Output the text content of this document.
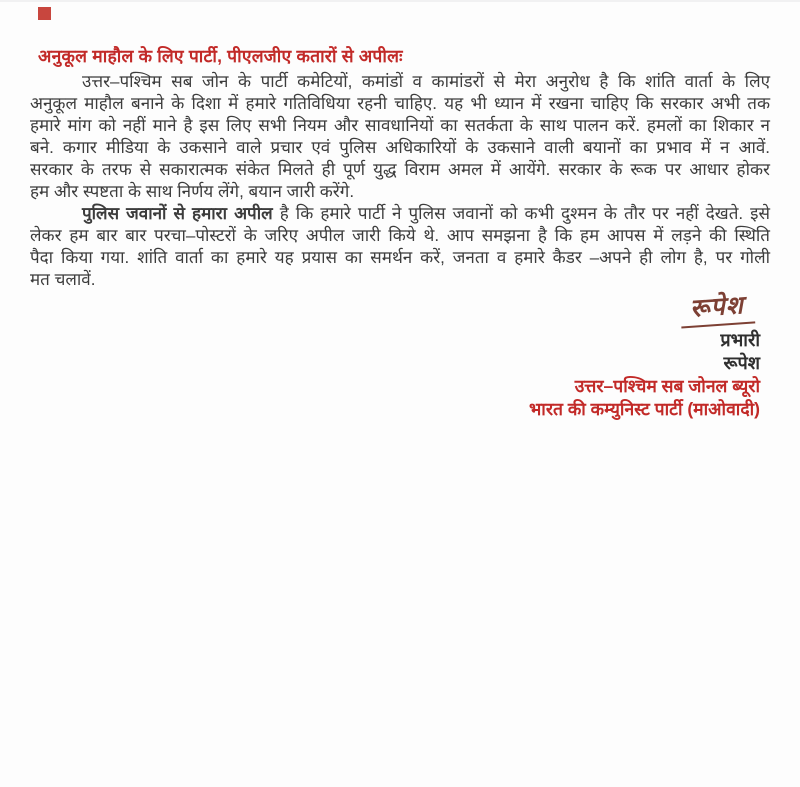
अनुकूल माहौल के लिए पार्टी, पीएलजीए कतारों से अपीलः
उत्तर–पश्चिम सब जोन के पार्टी कमेटियों, कमांडों व कामांडरों से मेरा अनुरोध है कि शांति वार्ता के लिए
अनुकूल माहौल बनाने के दिशा में हमारे गतिविधिया रहनी चाहिए. यह भी ध्यान में रखना चाहिए कि सरकार अभी तक
हमारे मांग को नहीं माने है इस लिए सभी नियम और सावधानियों का सतर्कता के साथ पालन करें. हमलों का शिकार न
बने. कगार मीडिया के उकसाने वाले प्रचार एवं पुलिस अधिकारियों के उकसाने वाली बयानों का प्रभाव में न आवें.
सरकार के तरफ से सकारात्मक संकेत मिलते ही पूर्ण युद्ध विराम अमल में आयेंगे. सरकार के रूक पर आधार होकर
हम और स्पष्टता के साथ निर्णय लेंगे, बयान जारी करेंगे.
पुलिस जवानों से हमारा अपील है कि हमारे पार्टी ने पुलिस जवानों को कभी दुश्मन के तौर पर नहीं देखते. इसे
लेकर हम बार बार परचा–पोस्टरों के जरिए अपील जारी किये थे. आप समझना है कि हम आपस में लड़ने की स्थिति
पैदा किया गया. शांति वार्ता का हमारे यह प्रयास का समर्थन करें, जनता व हमारे कैडर –अपने ही लोग है, पर गोली
मत चलावें.
रूपेश
प्रभारी
रूपेश
उत्तर–पश्चिम सब जोनल ब्यूरो
भारत की कम्युनिस्ट पार्टी (माओवादी)
